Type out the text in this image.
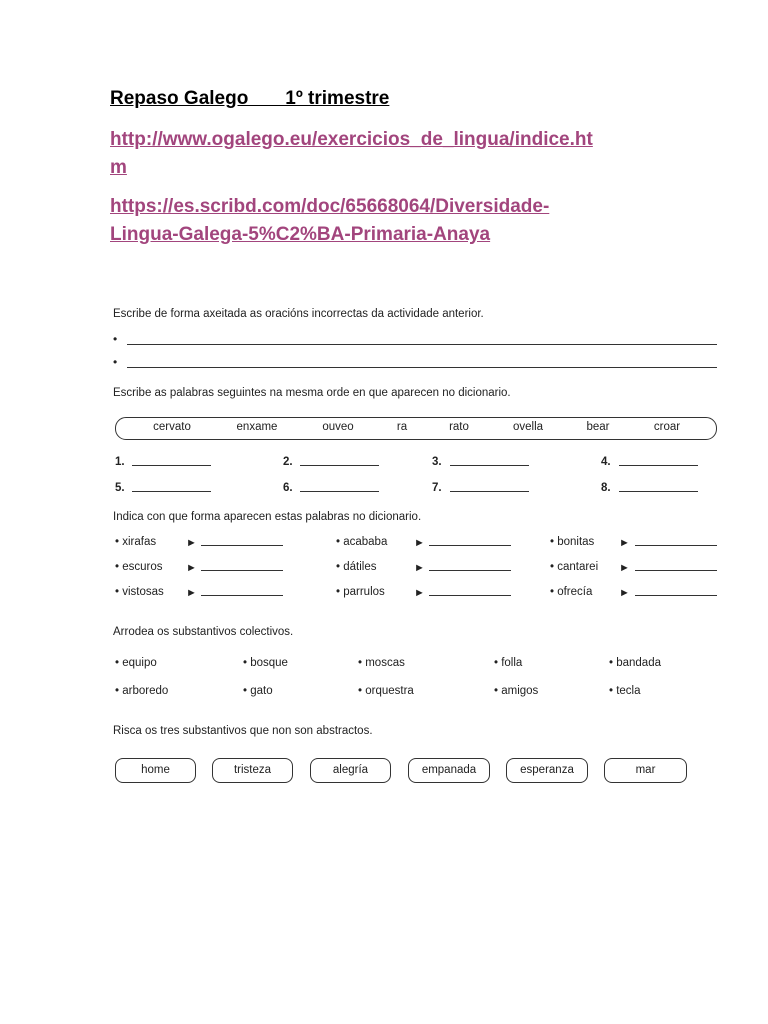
Repaso Galego       1º trimestre
http://www.ogalego.eu/exercicios_de_lingua/indice.ht
m
https://es.scribd.com/doc/65668064/Diversidade-
Lingua-Galega-5%C2%BA-Primaria-Anaya
Escribe de forma axeitada as oracións incorrectas da actividade anterior.
•
•
Escribe as palabras seguintes na mesma orde en que aparecen no dicionario.
cervato	enxame	ouveo	ra	rato	ovella	bear	croar
1.	2.	3.	4.
5.	6.	7.	8.
Indica con que forma aparecen estas palabras no dicionario.
• xirafas	►	• acababa ►	• bonitas ►
• escuros ►	• dátiles	►	• cantarei ►
• vistosas ►	• parrulos	►	• ofrecía ►
Arrodea os substantivos colectivos.
• equipo	• bosque	• moscas	• folla	• bandada
• arboredo	• gato	• orquestra	• amigos	• tecla
Risca os tres substantivos que non son abstractos.
home	tristeza	alegría	empanada	esperanza	mar
